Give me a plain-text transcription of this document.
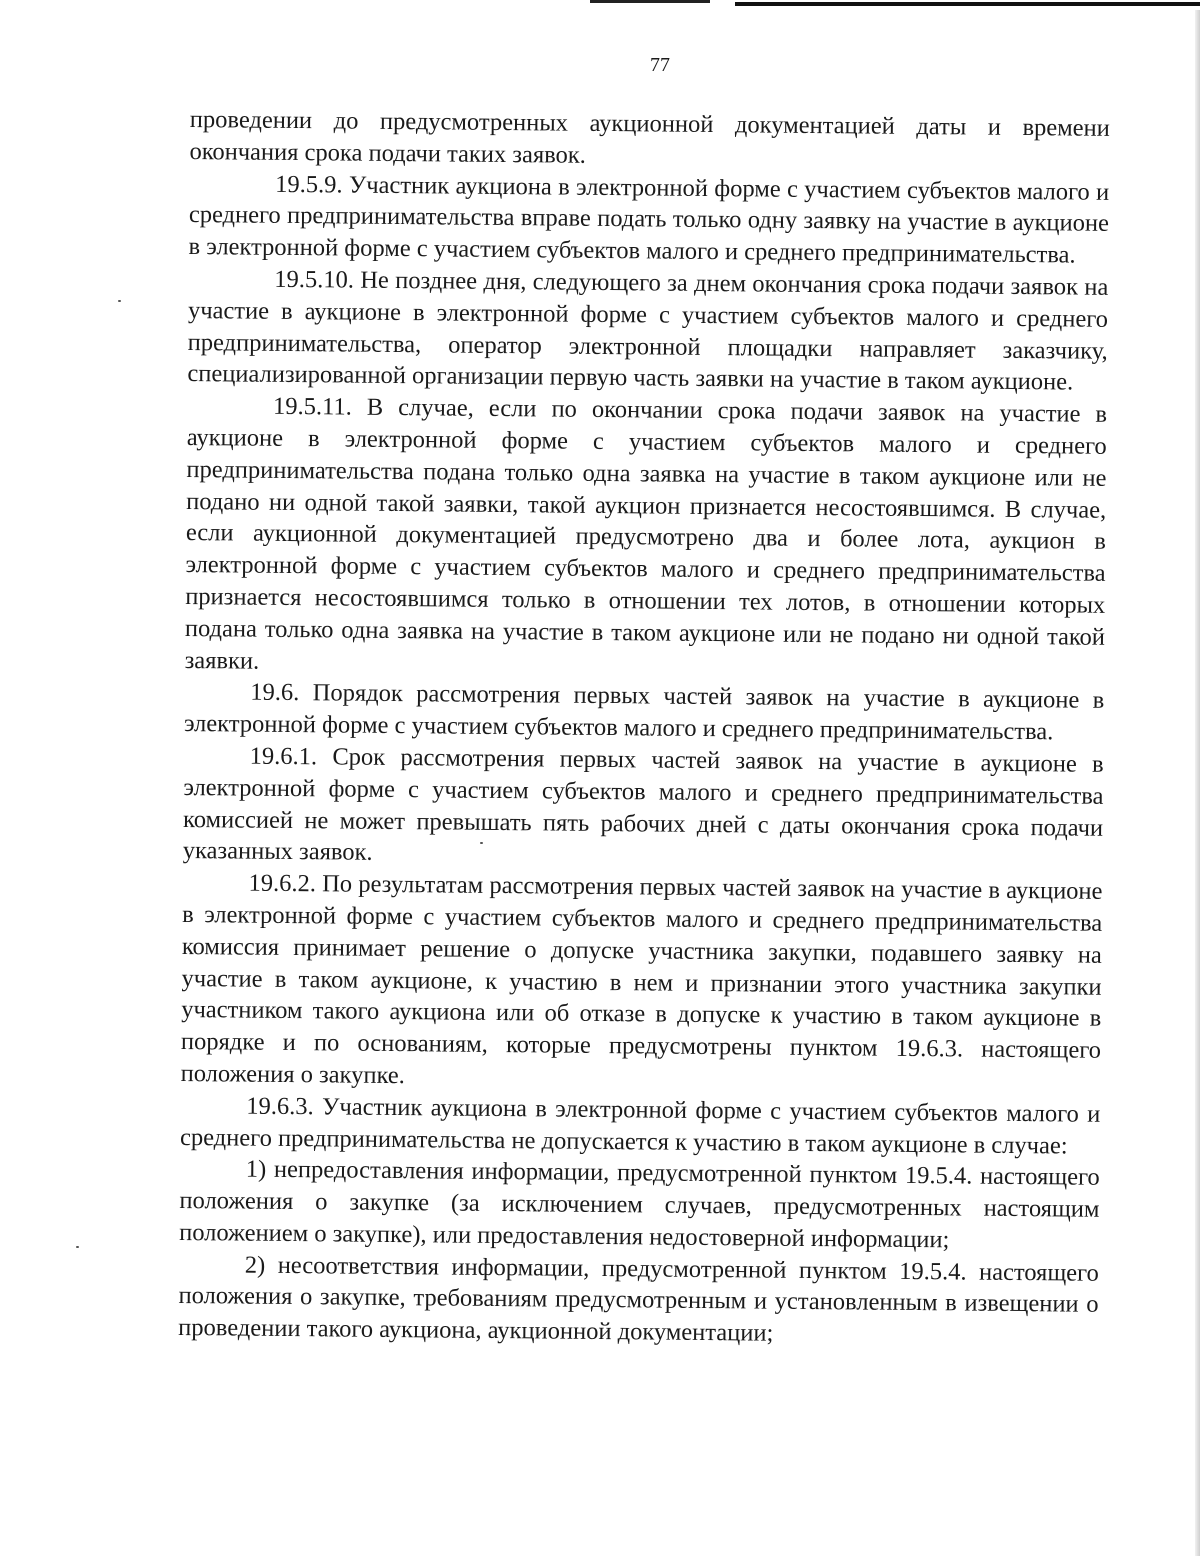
77

проведении до предусмотренных аукционной документацией даты и времени окончания срока подачи таких заявок.

19.5.9. Участник аукциона в электронной форме с участием субъектов малого и среднего предпринимательства вправе подать только одну заявку на участие в аукционе в электронной форме с участием субъектов малого и среднего предпринимательства.

19.5.10. Не позднее дня, следующего за днем окончания срока подачи заявок на участие в аукционе в электронной форме с участием субъектов малого и среднего предпринимательства, оператор электронной площадки направляет заказчику, специализированной организации первую часть заявки на участие в таком аукционе.

19.5.11. В случае, если по окончании срока подачи заявок на участие в аукционе в электронной форме с участием субъектов малого и среднего предпринимательства подана только одна заявка на участие в таком аукционе или не подано ни одной такой заявки, такой аукцион признается несостоявшимся. В случае, если аукционной документацией предусмотрено два и более лота, аукцион в электронной форме с участием субъектов малого и среднего предпринимательства признается несостоявшимся только в отношении тех лотов, в отношении которых подана только одна заявка на участие в таком аукционе или не подано ни одной такой заявки.

19.6. Порядок рассмотрения первых частей заявок на участие в аукционе в электронной форме с участием субъектов малого и среднего предпринимательства.

19.6.1. Срок рассмотрения первых частей заявок на участие в аукционе в электронной форме с участием субъектов малого и среднего предпринимательства комиссией не может превышать пять рабочих дней с даты окончания срока подачи указанных заявок.

19.6.2. По результатам рассмотрения первых частей заявок на участие в аукционе в электронной форме с участием субъектов малого и среднего предпринимательства комиссия принимает решение о допуске участника закупки, подавшего заявку на участие в таком аукционе, к участию в нем и признании этого участника закупки участником такого аукциона или об отказе в допуске к участию в таком аукционе в порядке и по основаниям, которые предусмотрены пунктом 19.6.3. настоящего положения о закупке.

19.6.3. Участник аукциона в электронной форме с участием субъектов малого и среднего предпринимательства не допускается к участию в таком аукционе в случае:

1) непредоставления информации, предусмотренной пунктом 19.5.4. настоящего положения о закупке (за исключением случаев, предусмотренных настоящим положением о закупке), или предоставления недостоверной информации;

2) несоответствия информации, предусмотренной пунктом 19.5.4. настоящего положения о закупке, требованиям предусмотренным и установленным в извещении о проведении такого аукциона, аукционной документации;
